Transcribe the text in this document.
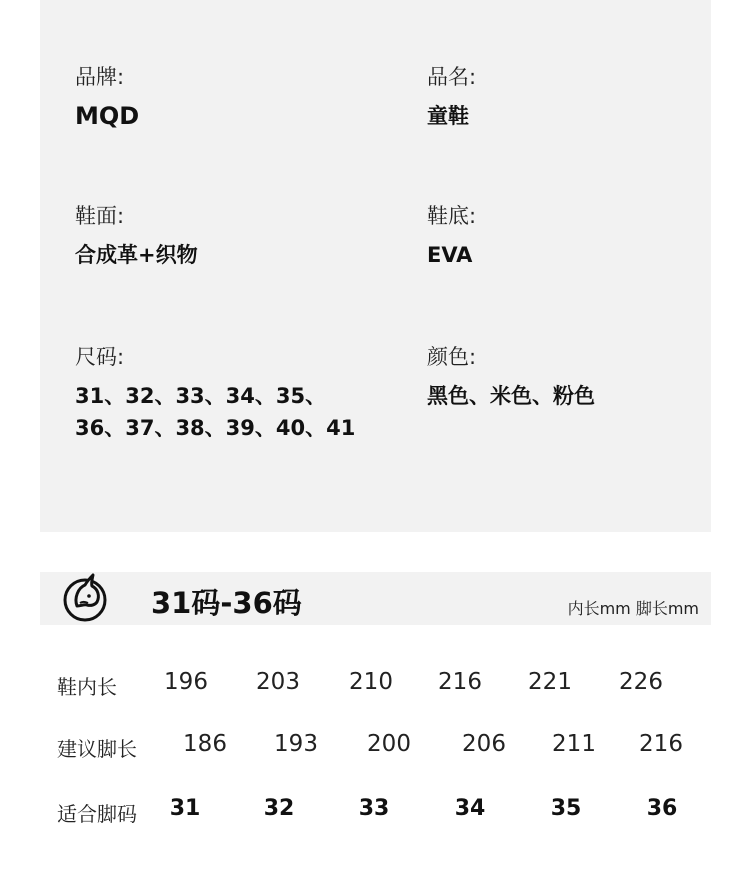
品牌:
MQD
品名:
童鞋
鞋面:
合成革+织物
鞋底:
EVA
尺码:
31、32、33、34、35、
36、37、38、39、40、41
颜色:
黑色、米色、粉色
31码-36码	内长mm 脚长mm
鞋内长 196 203 210 216 221 226
建议脚长 186 193 200 206 211 216
适合脚码 31	32	33	34	35	36
